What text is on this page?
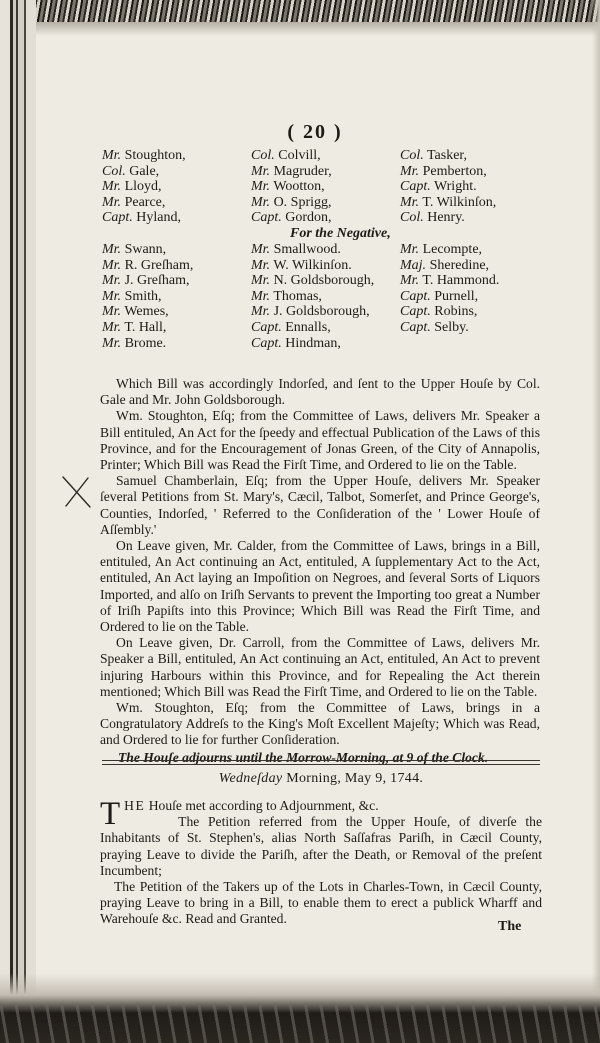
( 20 )
Mr. Stoughton,	Col. Colvill,	Col. Tasker,
Col. Gale,	Mr. Magruder,	Mr. Pemberton,
Mr. Lloyd,	Mr. Wootton,	Capt. Wright.
Mr. Pearce,	Mr. O. Sprigg,	Mr. T. Wilkinſon,
Capt. Hyland,	Capt. Gordon,	Col. Henry.
For the Negative,
Mr. Swann,	Mr. Smallwood.	Mr. Lecompte,
Mr. R. Greſham,	Mr. W. Wilkinſon.	Maj. Sheredine,
Mr. J. Greſham,	Mr. N. Goldsborough,	Mr. T. Hammond.
Mr. Smith,	Mr. Thomas,	Capt. Purnell,
Mr. Wemes,	Mr. J. Goldsborough,	Capt. Robins,
Mr. T. Hall,	Capt. Ennalls,	Capt. Selby.
Mr. Brome.	Capt. Hindman,

Which Bill was accordingly Indorſed, and ſent to the Upper Houſe by Col. Gale and Mr. John Goldsborough.

Wm. Stoughton, Eſq; from the Committee of Laws, delivers Mr. Speaker a Bill entituled, An Act for the ſpeedy and effectual Publication of the Laws of this Province, and for the Encouragement of Jonas Green, of the City of Annapolis, Printer; Which Bill was Read the Firſt Time, and Ordered to lie on the Table.

Samuel Chamberlain, Eſq; from the Upper Houſe, delivers Mr. Speaker ſeveral Petitions from St. Mary's, Cæcil, Talbot, Somerſet, and Prince George's, Counties, Indorſed, ' Referred to the Conſideration of the ' Lower Houſe of Aſſembly.'

On Leave given, Mr. Calder, from the Committee of Laws, brings in a Bill, entituled, An Act continuing an Act, entituled, A ſupplementary Act to the Act, entituled, An Act laying an Impoſition on Negroes, and ſeveral Sorts of Liquors Imported, and alſo on Iriſh Servants to prevent the Importing too great a Number of Iriſh Papiſts into this Province; Which Bill was Read the Firſt Time, and Ordered to lie on the Table.

On Leave given, Dr. Carroll, from the Committee of Laws, delivers Mr. Speaker a Bill, entituled, An Act continuing an Act, entituled, An Act to prevent injuring Harbours within this Province, and for Repealing the Act therein mentioned; Which Bill was Read the Firſt Time, and Ordered to lie on the Table.

Wm. Stoughton, Eſq; from the Committee of Laws, brings in a Congratulatory Addreſs to the King's Moſt Excellent Majeſty; Which was Read, and Ordered to lie for further Conſideration.

The Houſe adjourns until the Morrow-Morning, at 9 of the Clock.

Wedneſday Morning, May 9, 1744.

THE Houſe met according to Adjournment, &c.

The Petition referred from the Upper Houſe, of diverſe the Inhabitants of St. Stephen's, alias North Saſſafras Pariſh, in Cæcil County, praying Leave to divide the Pariſh, after the Death, or Removal of the preſent Incumbent;

The Petition of the Takers up of the Lots in Charles-Town, in Cæcil County, praying Leave to bring in a Bill, to enable them to erect a publick Wharff and Warehouſe &c. Read and Granted.

The
